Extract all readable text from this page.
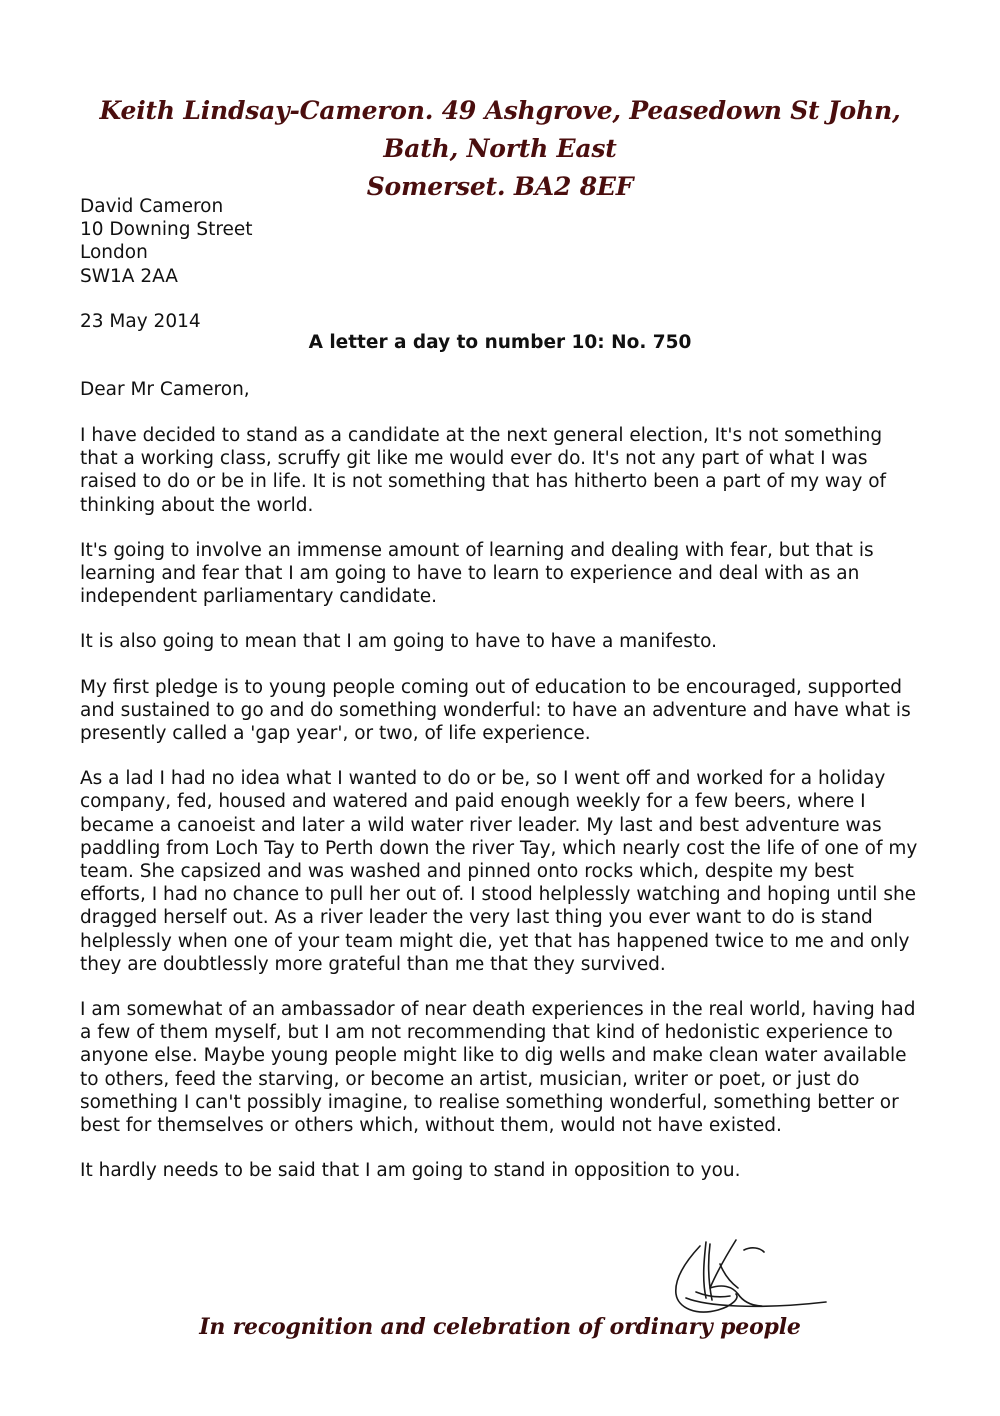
Keith Lindsay-Cameron. 49 Ashgrove, Peasedown St John, Bath, North East
Somerset. BA2 8EF
David Cameron
10 Downing Street
London
SW1A 2AA
23 May 2014
A letter a day to number 10: No. 750
Dear Mr Cameron,

I have decided to stand as a candidate at the next general election, It's not something that a working class, scruffy git like me would ever do. It's not any part of what I was raised to do or be in life. It is not something that has hitherto been a part of my way of thinking about the world.

It's going to involve an immense amount of learning and dealing with fear, but that is learning and fear that I am going to have to learn to experience and deal with as an independent parliamentary candidate.

It is also going to mean that I am going to have to have a manifesto.

My first pledge is to young people coming out of education to be encouraged, supported and sustained to go and do something wonderful: to have an adventure and have what is presently called a 'gap year', or two, of life experience.

As a lad I had no idea what I wanted to do or be, so I went off and worked for a holiday company, fed, housed and watered and paid enough weekly for a few beers, where I became a canoeist and later a wild water river leader. My last and best adventure was paddling from Loch Tay to Perth down the river Tay, which nearly cost the life of one of my team. She capsized and was washed and pinned onto rocks which, despite my best efforts, I had no chance to pull her out of. I stood helplessly watching and hoping until she dragged herself out. As a river leader the very last thing you ever want to do is stand helplessly when one of your team might die, yet that has happened twice to me and only they are doubtlessly more grateful than me that they survived.

I am somewhat of an ambassador of near death experiences in the real world, having had a few of them myself, but I am not recommending that kind of hedonistic experience to anyone else. Maybe young people might like to dig wells and make clean water available to others, feed the starving, or become an artist, musician, writer or poet, or just do something I can't possibly imagine, to realise something wonderful, something better or best for themselves or others which, without them, would not have existed.

It hardly needs to be said that I am going to stand in opposition to you.

In recognition and celebration of ordinary people
